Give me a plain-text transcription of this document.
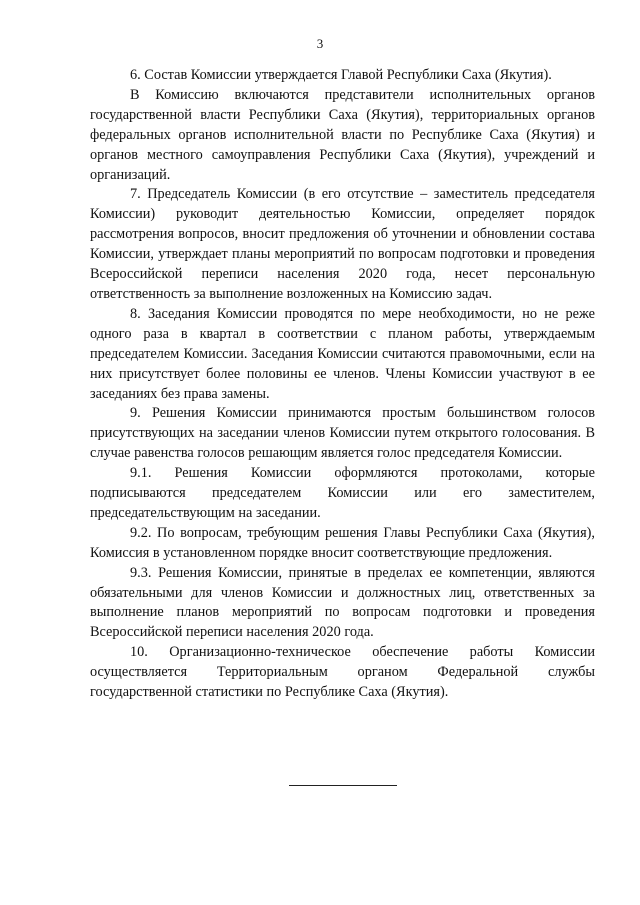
3

6. Состав Комиссии утверждается Главой Республики Саха (Якутия).

В Комиссию включаются представители исполнительных органов государственной власти Республики Саха (Якутия), территориальных органов федеральных органов исполнительной власти по Республике Саха (Якутия) и органов местного самоуправления Республики Саха (Якутия), учреждений и организаций.

7. Председатель Комиссии (в его отсутствие – заместитель председателя Комиссии) руководит деятельностью Комиссии, определяет порядок рассмотрения вопросов, вносит предложения об уточнении и обновлении состава Комиссии, утверждает планы мероприятий по вопросам подготовки и проведения Всероссийской переписи населения 2020 года, несет персональную ответственность за выполнение возложенных на Комиссию задач.

8. Заседания Комиссии проводятся по мере необходимости, но не реже одного раза в квартал в соответствии с планом работы, утверждаемым председателем Комиссии. Заседания Комиссии считаются правомочными, если на них присутствует более половины ее членов. Члены Комиссии участвуют в ее заседаниях без права замены.

9. Решения Комиссии принимаются простым большинством голосов присутствующих на заседании членов Комиссии путем открытого голосования. В случае равенства голосов решающим является голос председателя Комиссии.

9.1. Решения Комиссии оформляются протоколами, которые подписываются председателем Комиссии или его заместителем, председательствующим на заседании.

9.2. По вопросам, требующим решения Главы Республики Саха (Якутия), Комиссия в установленном порядке вносит соответствующие предложения.

9.3. Решения Комиссии, принятые в пределах ее компетенции, являются обязательными для членов Комиссии и должностных лиц, ответственных за выполнение планов мероприятий по вопросам подготовки и проведения Всероссийской переписи населения 2020 года.

10. Организационно-техническое обеспечение работы Комиссии осуществляется Территориальным органом Федеральной службы государственной статистики по Республике Саха (Якутия).
